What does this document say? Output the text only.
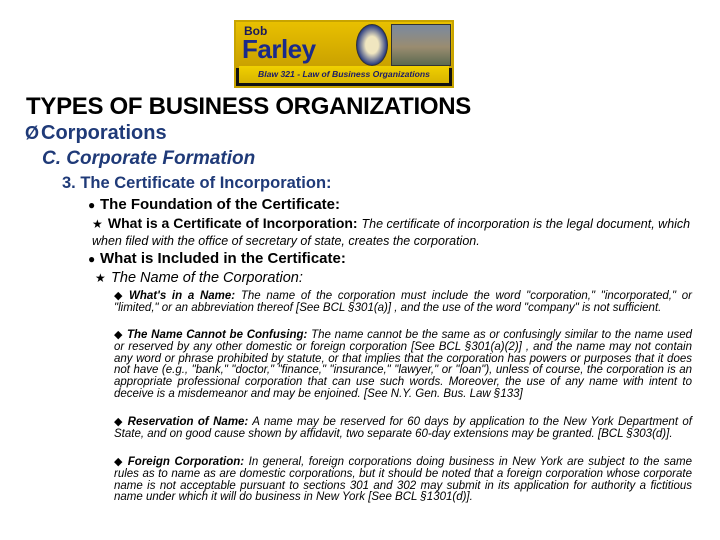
Bob
Farley
Blaw 321 - Law of Business Organizations
TYPES OF BUSINESS ORGANIZATIONS
Ø Corporations
C. Corporate Formation
3. The Certificate of Incorporation:
● The Foundation of the Certificate:
★ What is a Certificate of Incorporation: The certificate of incorporation is the legal document, which when filed with the office of secretary of state, creates the corporation.
● What is Included in the Certificate:
★ The Name of the Corporation:
◆ What's in a Name: The name of the corporation must include the word "corporation," "incorporated," or "limited," or an abbreviation thereof [See BCL §301(a)] , and the use of the word "company" is not sufficient.
◆ The Name Cannot be Confusing: The name cannot be the same as or confusingly similar to the name used or reserved by any other domestic or foreign corporation [See BCL §301(a)(2)] , and the name may not contain any word or phrase prohibited by statute, or that implies that the corporation has powers or purposes that it does not have (e.g., "bank," "doctor," "finance," "insurance," "lawyer," or "loan"), unless of course, the corporation is an appropriate professional corporation that can use such words. Moreover, the use of any name with intent to deceive is a misdemeanor and may be enjoined. [See N.Y. Gen. Bus. Law §133]
◆ Reservation of Name: A name may be reserved for 60 days by application to the New York Department of State, and on good cause shown by affidavit, two separate 60-day extensions may be granted. [BCL §303(d)].
◆ Foreign Corporation: In general, foreign corporations doing business in New York are subject to the same rules as to name as are domestic corporations, but it should be noted that a foreign corporation whose corporate name is not acceptable pursuant to sections 301 and 302 may submit in its application for authority a fictitious name under which it will do business in New York [See BCL §1301(d)].
